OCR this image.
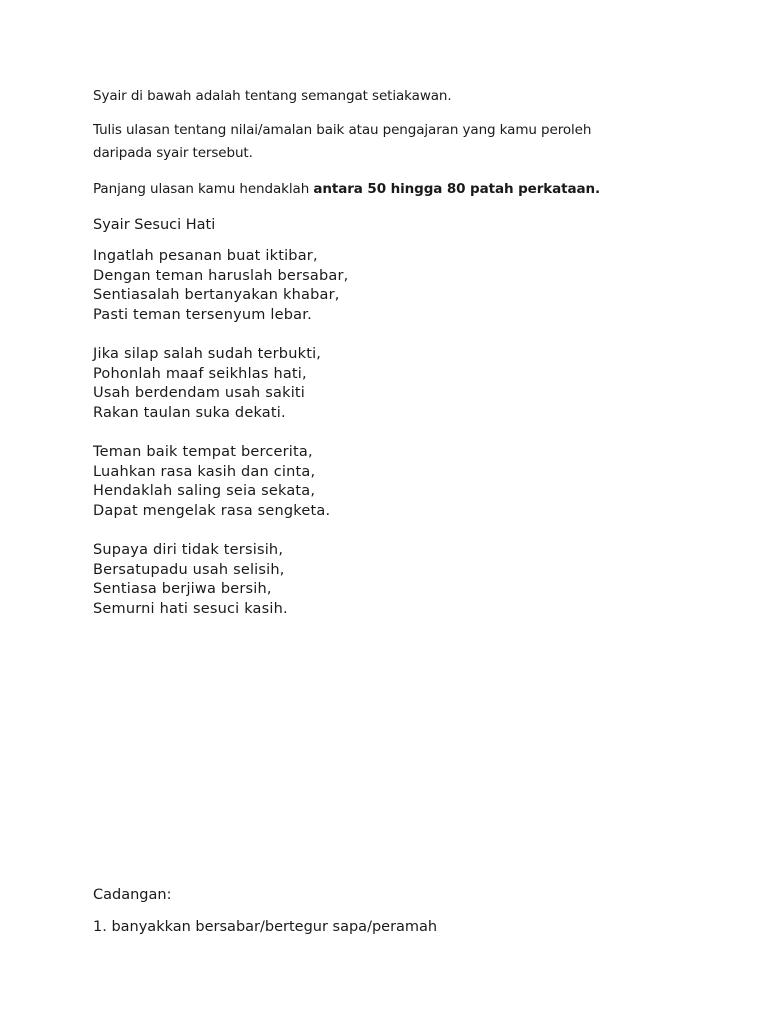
Syair di bawah adalah tentang semangat setiakawan.

Tulis ulasan tentang nilai/amalan baik atau pengajaran yang kamu peroleh
daripada syair tersebut.

Panjang ulasan kamu hendaklah antara 50 hingga 80 patah perkataan.

Syair Sesuci Hati

Ingatlah pesanan buat iktibar,
Dengan teman haruslah bersabar,
Sentiasalah bertanyakan khabar,
Pasti teman tersenyum lebar.
Jika silap salah sudah terbukti,
Pohonlah maaf seikhlas hati,
Usah berdendam usah sakiti
Rakan taulan suka dekati.
Teman baik tempat bercerita,
Luahkan rasa kasih dan cinta,
Hendaklah saling seia sekata,
Dapat mengelak rasa sengketa.
Supaya diri tidak tersisih,
Bersatupadu usah selisih,
Sentiasa berjiwa bersih,
Semurni hati sesuci kasih.

Cadangan:

1. banyakkan bersabar/bertegur sapa/peramah
